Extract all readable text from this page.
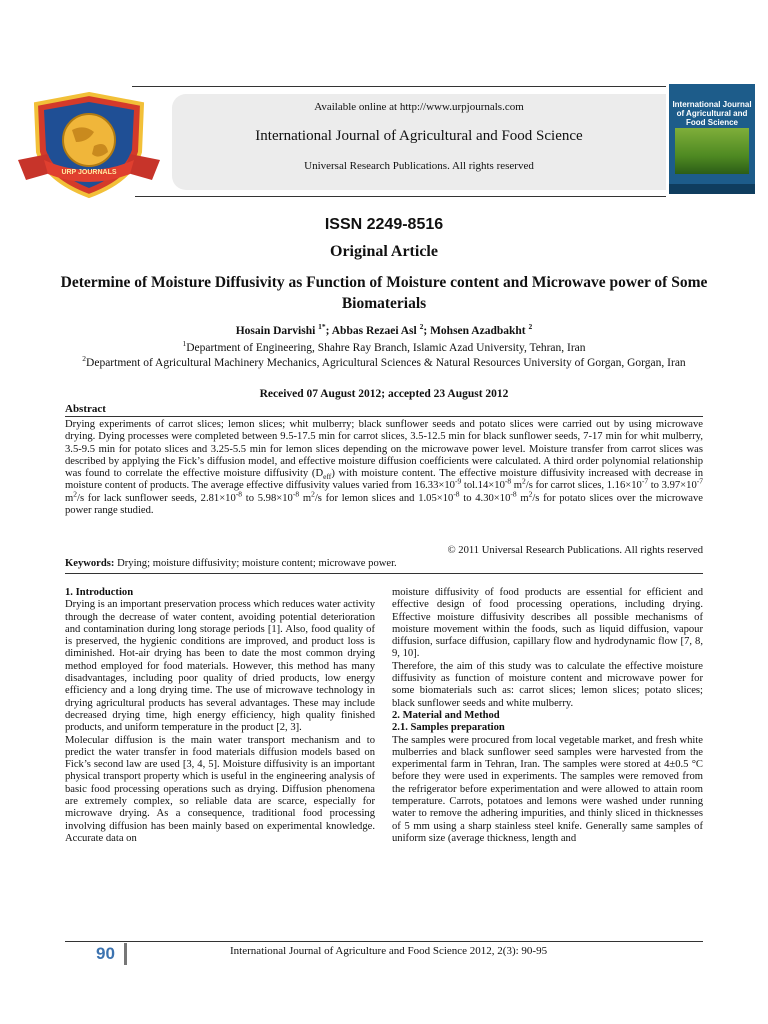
Available online at http://www.urpjournals.com
International Journal of Agricultural and Food Science
Universal Research Publications. All rights reserved
URP JOURNALS
International Journal of Agricultural and Food Science
ISSN 2249-8516
Original Article
Determine of Moisture Diffusivity as Function of Moisture content and Microwave power of Some Biomaterials
Hosain Darvishi $^{1*}$; Abbas Rezaei Asl $^2$; Mohsen Azadbakht $^2$
$^1$Department of Engineering, Shahre Ray Branch, Islamic Azad University, Tehran, Iran
$^2$Department of Agricultural Machinery Mechanics, Agricultural Sciences & Natural Resources University of Gorgan, Gorgan, Iran
Received 07 August 2012; accepted 23 August 2012
Abstract
Drying experiments of carrot slices; lemon slices; whit mulberry; black sunflower seeds and potato slices were carried out by using microwave drying. Dying processes were completed between 9.5-17.5 min for carrot slices, 3.5-12.5 min for black sunflower seeds, 7-17 min for whit mulberry, 3.5-9.5 min for potato slices and 3.25-5.5 min for lemon slices depending on the microwave power level. Moisture transfer from carrot slices was described by applying the Fick’s diffusion model, and effective moisture diffusion coefficients were calculated. A third order polynomial relationship was found to correlate the effective moisture diffusivity $(D_{eff})$ with moisture content. The effective moisture diffusivity increased with decrease in moisture content of products. The average effective diffusivity values varied from $16.33\times 10^{-9}$ $tol.14\times 10^{-8}$ $m^2/s$ for carrot slices, $1.16\times 10^{-7}$ to $3.97\times 10^{-7}$ $m^2/s$ for lack sunflower seeds, $2.81\times 10^{-8}$ to $5.98\times 10^{-8}$ $m^2/s$ for lemon slices and $1.05\times 10^{-8}$ to $4.30\times 10^{-8}$ $m^2/s$ for potato slices over the microwave power range studied.
© 2011 Universal Research Publications. All rights reserved
Keywords: Drying; moisture diffusivity; moisture content; microwave power.
1. Introduction

Drying is an important preservation process which reduces water activity through the decrease of water content, avoiding potential deterioration and contamination during long storage periods [1]. Also, food quality of is preserved, the hygienic conditions are improved, and product loss is diminished. Hot-air drying has been to date the most common drying method employed for food materials. However, this method has many disadvantages, including poor quality of dried products, low energy efficiency and a long drying time. The use of microwave technology in drying agricultural products has several advantages. These may include decreased drying time, high energy efficiency, high quality finished products, and uniform temperature in the product [2, 3].

Molecular diffusion is the main water transport mechanism and to predict the water transfer in food materials diffusion models based on Fick’s second law are used [3, 4, 5]. Moisture diffusivity is an important physical transport property which is useful in the engineering analysis of basic food processing operations such as drying. Diffusion phenomena are extremely complex, so reliable data are scarce, especially for microwave drying. As a consequence, traditional food processing involving diffusion has been mainly based on experimental knowledge. Accurate data on

moisture diffusivity of food products are essential for efficient and effective design of food processing operations, including drying. Effective moisture diffusivity describes all possible mechanisms of moisture movement within the foods, such as liquid diffusion, vapour diffusion, surface diffusion, capillary flow and hydrodynamic flow [7, 8, 9, 10].

Therefore, the aim of this study was to calculate the effective moisture diffusivity as function of moisture content and microwave power for some biomaterials such as: carrot slices; lemon slices; potato slices; black sunflower seeds and white mulberry.

2. Material and Method
2.1. Samples preparation

The samples were procured from local vegetable market, and fresh white mulberries and black sunflower seed samples were harvested from the experimental farm in Tehran, Iran. The samples were stored at 4±0.5 °C before they were used in experiments. The samples were removed from the refrigerator before experimentation and were allowed to attain room temperature. Carrots, potatoes and lemons were washed under running water to remove the adhering impurities, and thinly sliced in thicknesses of 5 mm using a sharp stainless steel knife. Generally same samples of uniform size (average thickness, length and

90	International Journal of Agriculture and Food Science 2012, 2(3): 90-95
